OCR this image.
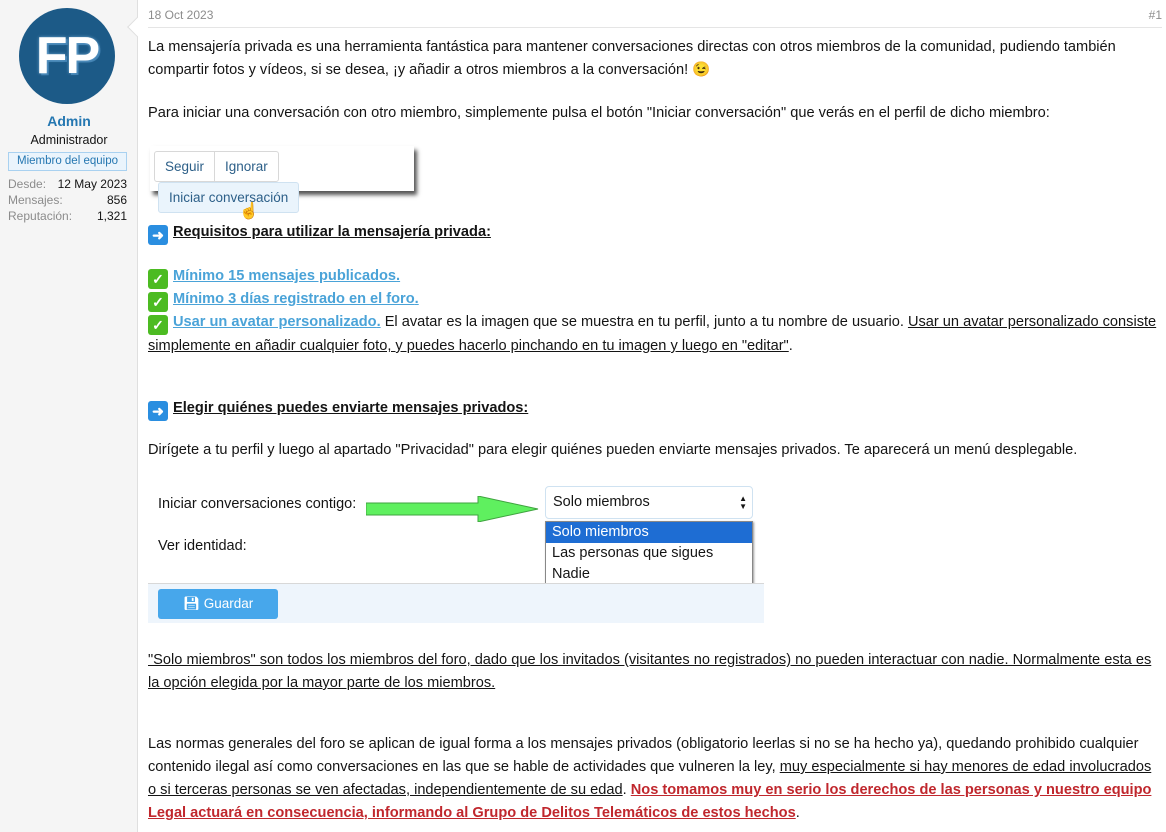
FP
Admin
Administrador
Miembro del equipo
Desde: 12 May 2023
Mensajes:	856
Reputación: 1,321
18 Oct 2023	#1
La mensajería privada es una herramienta fantástica para mantener conversaciones directas con otros miembros de la comunidad, pudiendo también compartir fotos y vídeos, si se desea, ¡y añadir a otros miembros a la conversación! 😉
Para iniciar una conversación con otro miembro, simplemente pulsa el botón "Iniciar conversación" que verás en el perfil de dicho miembro:
Seguir	Ignorar
Iniciar conversación
☝
➜ Requisitos para utilizar la mensajería privada:
✓ Mínimo 15 mensajes publicados.
✓ Mínimo 3 días registrado en el foro.
✓ Usar un avatar personalizado. El avatar es la imagen que se muestra en tu perfil, junto a tu nombre de usuario. Usar un avatar personalizado consiste simplemente en añadir cualquier foto, y puedes hacerlo pinchando en tu imagen y luego en "editar".
➜ Elegir quiénes puedes enviarte mensajes privados:
Dirígete a tu perfil y luego al apartado "Privacidad" para elegir quiénes pueden enviarte mensajes privados. Te aparecerá un menú desplegable.
Iniciar conversaciones contigo:
Ver identidad:
Solo miembros	▲
▼
Solo miembros
Las personas que sigues
Nadie
💾︎ Guardar
"Solo miembros" son todos los miembros del foro, dado que los invitados (visitantes no registrados) no pueden interactuar con nadie. Normalmente esta es la opción elegida por la mayor parte de los miembros.
Las normas generales del foro se aplican de igual forma a los mensajes privados (obligatorio leerlas si no se ha hecho ya), quedando prohibido cualquier contenido ilegal así como conversaciones en las que se hable de actividades que vulneren la ley, muy especialmente si hay menores de edad involucrados o si terceras personas se ven afectadas, independientemente de su edad. Nos tomamos muy en serio los derechos de las personas y nuestro equipo Legal actuará en consecuencia, informando al Grupo de Delitos Telemáticos de estos hechos.
